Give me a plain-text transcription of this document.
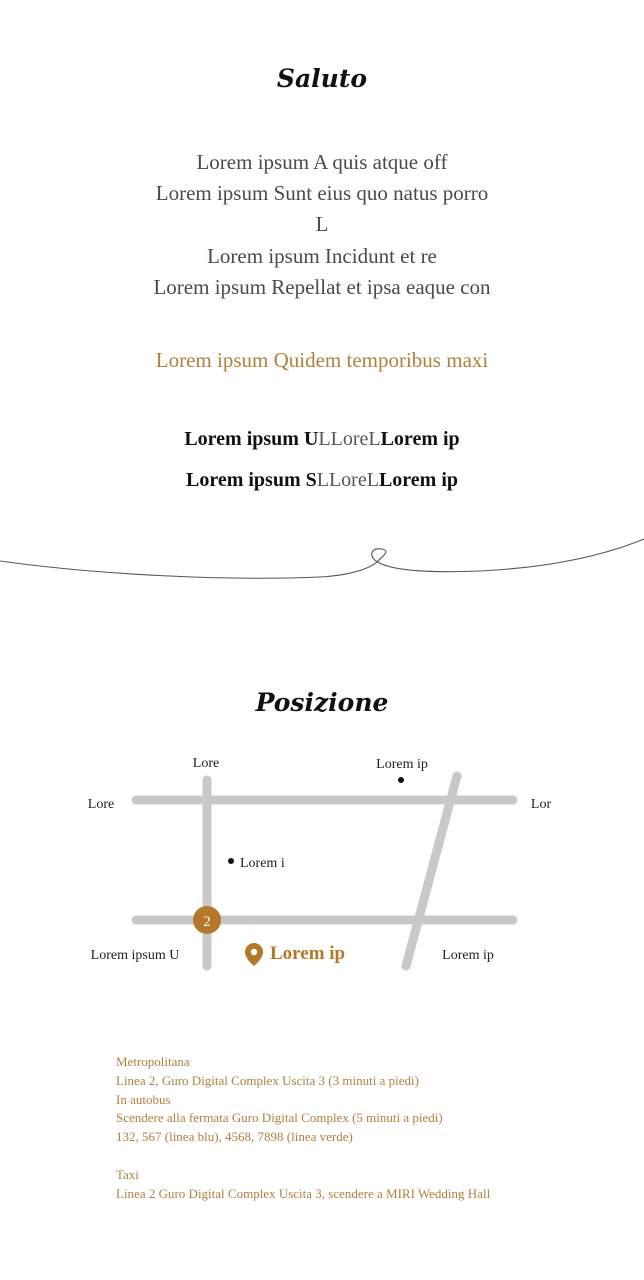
Saluto
Lorem ipsum A quis atque off
Lorem ipsum Sunt eius quo natus porro
L
Lorem ipsum Incidunt et re
Lorem ipsum Repellat et ipsa eaque con
Lorem ipsum Quidem temporibus maxi
Lorem ipsum ULLoreLLorem ip
Lorem ipsum SLLoreLLorem ip
Posizione
Lore	Lorem ip
Lore	Lor
Lorem i
2
Lorem ipsum U	Lorem ip	Lorem ip
Metropolitana
Linea 2, Guro Digital Complex Uscita 3 (3 minuti a piedi)
In autobus
Scendere alla fermata Guro Digital Complex (5 minuti a piedi)
132, 567 (linea blu), 4568, 7898 (linea verde)
Taxi
Linea 2 Guro Digital Complex Uscita 3, scendere a MIRI Wedding Hall
